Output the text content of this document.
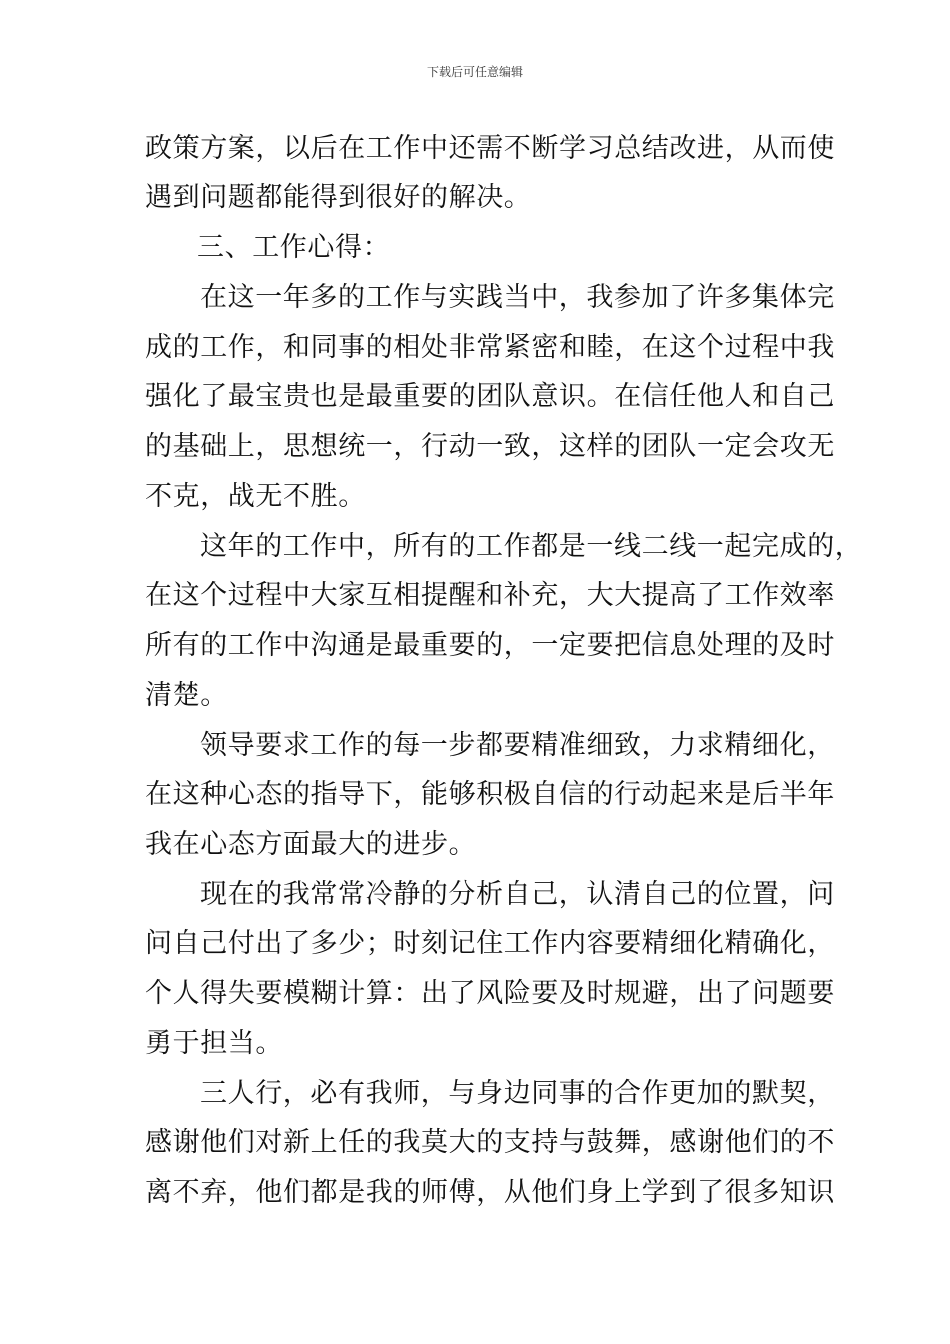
下载后可任意编辑
政策方案，以后在工作中还需不断学习总结改进，从而使
遇到问题都能得到很好的解决。
三、工作心得：
在这一年多的工作与实践当中，我参加了许多集体完
成的工作，和同事的相处非常紧密和睦，在这个过程中我
强化了最宝贵也是最重要的团队意识。在信任他人和自己
的基础上，思想统一，行动一致，这样的团队一定会攻无
不克，战无不胜。
这年的工作中，所有的工作都是一线二线一起完成的，
在这个过程中大家互相提醒和补充，大大提高了工作效率
所有的工作中沟通是最重要的，一定要把信息处理的及时
清楚。
领导要求工作的每一步都要精准细致，力求精细化，
在这种心态的指导下，能够积极自信的行动起来是后半年
我在心态方面最大的进步。
现在的我常常冷静的分析自己，认清自己的位置，问
问自己付出了多少；时刻记住工作内容要精细化精确化，
个人得失要模糊计算：出了风险要及时规避，出了问题要
勇于担当。
三人行，必有我师，与身边同事的合作更加的默契，
感谢他们对新上任的我莫大的支持与鼓舞，感谢他们的不
离不弃，他们都是我的师傅，从他们身上学到了很多知识
